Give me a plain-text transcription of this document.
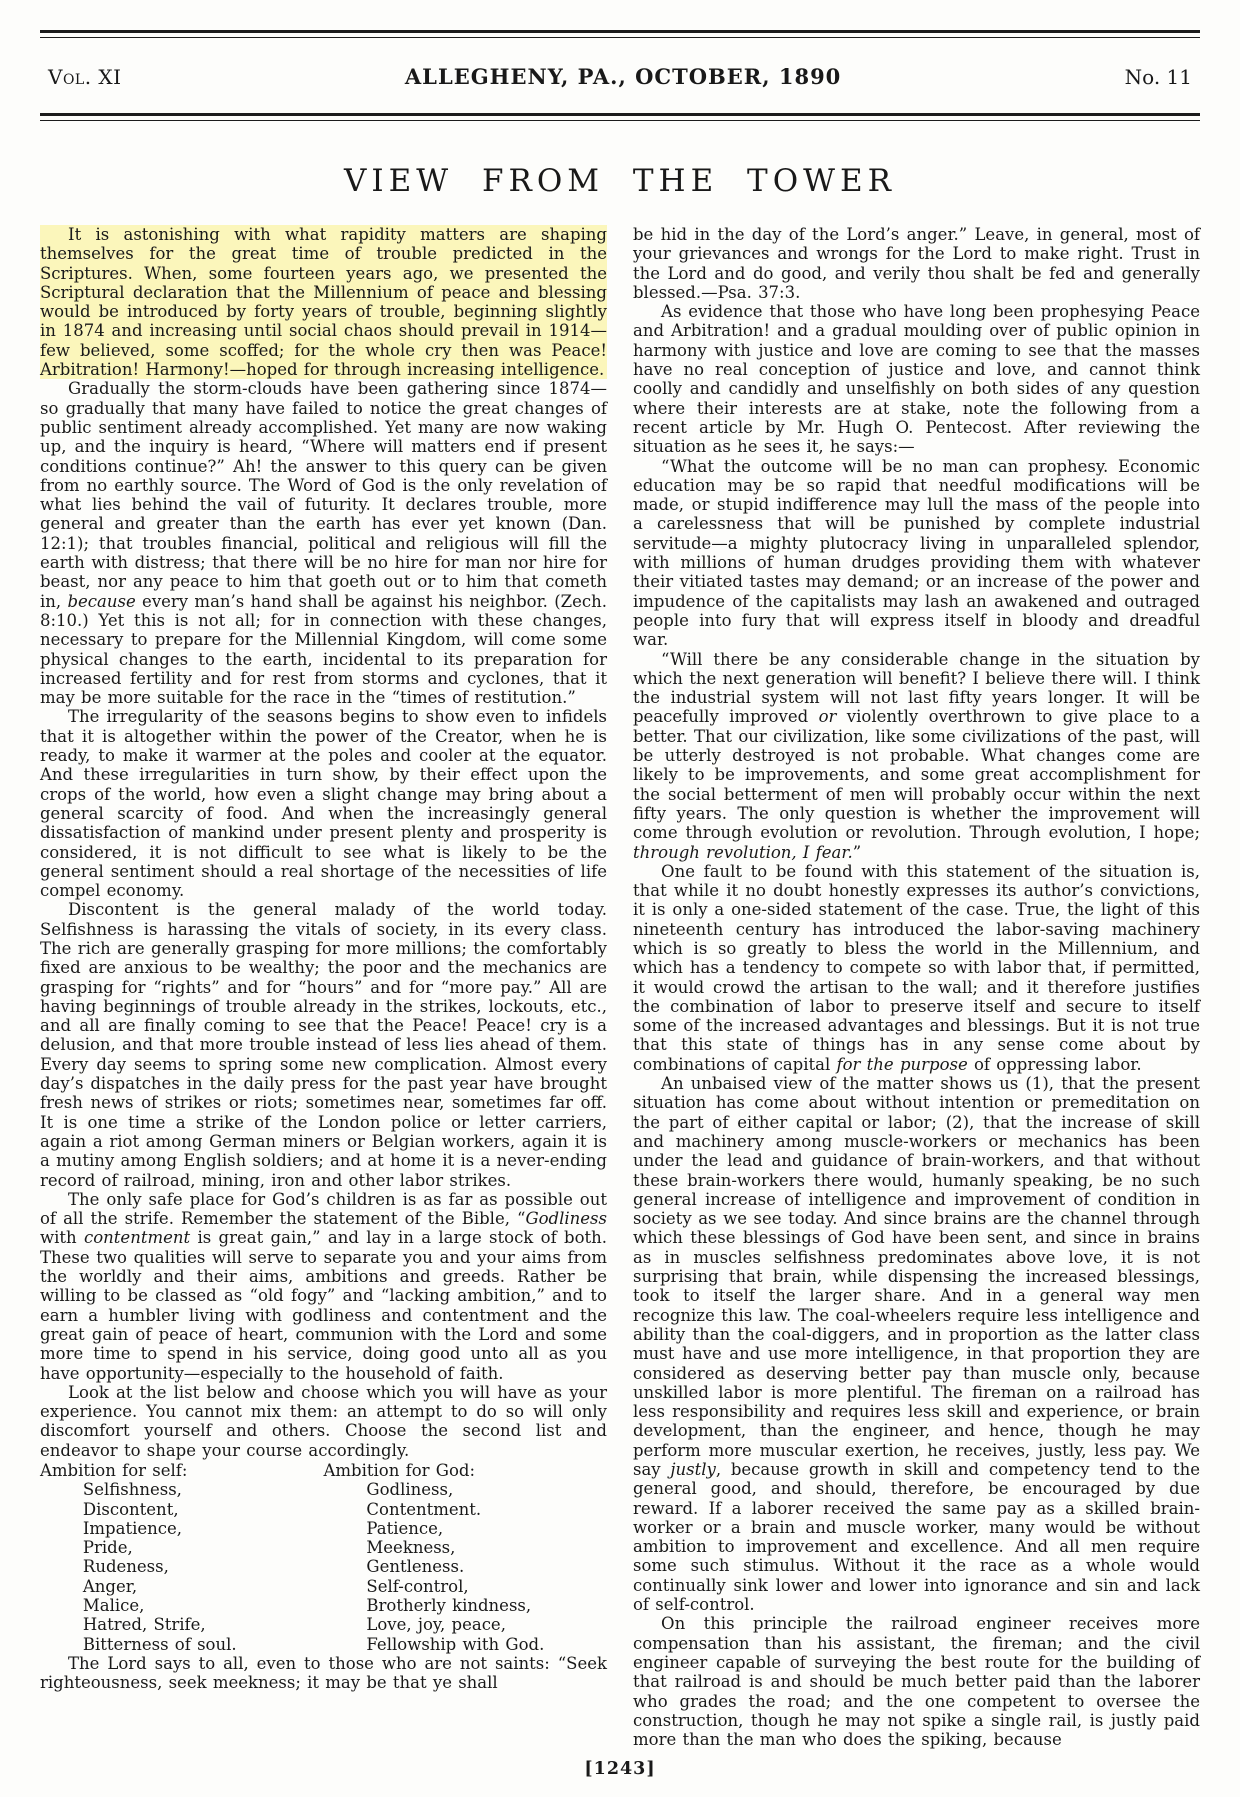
Vol. XI	ALLEGHENY, PA., OCTOBER, 1890	No. 11
VIEW FROM THE TOWER

It is astonishing with what rapidity matters are shaping themselves for the great time of trouble predicted in the Scriptures. When, some fourteen years ago, we presented the Scriptural declaration that the Millennium of peace and blessing would be introduced by forty years of trouble, beginning slightly in 1874 and increasing until social chaos should prevail in 1914—few believed, some scoffed; for the whole cry then was Peace! Arbitration! Harmony!—hoped for through increasing intelligence.

Gradually the storm-clouds have been gathering since 1874—so gradually that many have failed to notice the great changes of public sentiment already accomplished. Yet many are now waking up, and the inquiry is heard, “Where will matters end if present conditions continue?” Ah! the answer to this query can be given from no earthly source. The Word of God is the only revelation of what lies behind the vail of futurity. It declares trouble, more general and greater than the earth has ever yet known (Dan. 12:1); that troubles financial, political and religious will fill the earth with distress; that there will be no hire for man nor hire for beast, nor any peace to him that goeth out or to him that cometh in, because every man’s hand shall be against his neighbor. (Zech. 8:10.) Yet this is not all; for in connection with these changes, necessary to prepare for the Millennial Kingdom, will come some physical changes to the earth, incidental to its preparation for increased fertility and for rest from storms and cyclones, that it may be more suitable for the race in the “times of restitution.”

The irregularity of the seasons begins to show even to infidels that it is altogether within the power of the Creator, when he is ready, to make it warmer at the poles and cooler at the equator. And these irregularities in turn show, by their effect upon the crops of the world, how even a slight change may bring about a general scarcity of food. And when the increasingly general dissatisfaction of mankind under present plenty and prosperity is considered, it is not difficult to see what is likely to be the general sentiment should a real shortage of the necessities of life compel economy.

Discontent is the general malady of the world today. Selfishness is harassing the vitals of society, in its every class. The rich are generally grasping for more millions; the comfortably fixed are anxious to be wealthy; the poor and the mechanics are grasping for “rights” and for “hours” and for “more pay.” All are having beginnings of trouble already in the strikes, lockouts, etc., and all are finally coming to see that the Peace! Peace! cry is a delusion, and that more trouble instead of less lies ahead of them. Every day seems to spring some new complication. Almost every day’s dispatches in the daily press for the past year have brought fresh news of strikes or riots; sometimes near, sometimes far off. It is one time a strike of the London police or letter carriers, again a riot among German miners or Belgian workers, again it is a mutiny among English soldiers; and at home it is a never-ending record of railroad, mining, iron and other labor strikes.

The only safe place for God’s children is as far as possible out of all the strife. Remember the statement of the Bible, “Godliness with contentment is great gain,” and lay in a large stock of both. These two qualities will serve to separate you and your aims from the worldly and their aims, ambitions and greeds. Rather be willing to be classed as “old fogy” and “lacking ambition,” and to earn a humbler living with godliness and contentment and the great gain of peace of heart, communion with the Lord and some more time to spend in his service, doing good unto all as you have opportunity—especially to the household of faith.

Look at the list below and choose which you will have as your experience. You cannot mix them: an attempt to do so will only discomfort yourself and others. Choose the second list and endeavor to shape your course accordingly.

Ambition for self:

Selfishness,
Discontent,
Impatience,
Pride,
Rudeness,
Anger,
Malice,
Hatred, Strife,
Bitterness of soul.

Ambition for God:

Godliness,
Contentment.
Patience,
Meekness,
Gentleness.
Self-control,
Brotherly kindness,
Love, joy, peace,
Fellowship with God.

The Lord says to all, even to those who are not saints: “Seek righteousness, seek meekness; it may be that ye shall

be hid in the day of the Lord’s anger.” Leave, in general, most of your grievances and wrongs for the Lord to make right. Trust in the Lord and do good, and verily thou shalt be fed and generally blessed.—Psa. 37:3.

As evidence that those who have long been prophesying Peace and Arbitration! and a gradual moulding over of public opinion in harmony with justice and love are coming to see that the masses have no real conception of justice and love, and cannot think coolly and candidly and unselfishly on both sides of any question where their interests are at stake, note the following from a recent article by Mr. Hugh O. Pentecost. After reviewing the situation as he sees it, he says:—

“What the outcome will be no man can prophesy. Economic education may be so rapid that needful modifications will be made, or stupid indifference may lull the mass of the people into a carelessness that will be punished by complete industrial servitude—a mighty plutocracy living in unparalleled splendor, with millions of human drudges providing them with whatever their vitiated tastes may demand; or an increase of the power and impudence of the capitalists may lash an awakened and outraged people into fury that will express itself in bloody and dreadful war.

“Will there be any considerable change in the situation by which the next generation will benefit? I believe there will. I think the industrial system will not last fifty years longer. It will be peacefully improved or violently overthrown to give place to a better. That our civilization, like some civilizations of the past, will be utterly destroyed is not probable. What changes come are likely to be improvements, and some great accomplishment for the social betterment of men will probably occur within the next fifty years. The only question is whether the improvement will come through evolution or revolution. Through evolution, I hope; through revolution, I fear.”

One fault to be found with this statement of the situation is, that while it no doubt honestly expresses its author’s convictions, it is only a one-sided statement of the case. True, the light of this nineteenth century has introduced the labor-saving machinery which is so greatly to bless the world in the Millennium, and which has a tendency to compete so with labor that, if permitted, it would crowd the artisan to the wall; and it therefore justifies the combination of labor to preserve itself and secure to itself some of the increased advantages and blessings. But it is not true that this state of things has in any sense come about by combinations of capital for the purpose of oppressing labor.

An unbaised view of the matter shows us (1), that the present situation has come about without intention or premeditation on the part of either capital or labor; (2), that the increase of skill and machinery among muscle-workers or mechanics has been under the lead and guidance of brain-workers, and that without these brain-workers there would, humanly speaking, be no such general increase of intelligence and improvement of condition in society as we see today. And since brains are the channel through which these blessings of God have been sent, and since in brains as in muscles selfishness predominates above love, it is not surprising that brain, while dispensing the increased blessings, took to itself the larger share. And in a general way men recognize this law. The coal-wheelers require less intelligence and ability than the coal-diggers, and in proportion as the latter class must have and use more intelligence, in that proportion they are considered as deserving better pay than muscle only, because unskilled labor is more plentiful. The fireman on a railroad has less responsibility and requires less skill and experience, or brain development, than the engineer, and hence, though he may perform more muscular exertion, he receives, justly, less pay. We say justly, because growth in skill and competency tend to the general good, and should, therefore, be encouraged by due reward. If a laborer received the same pay as a skilled brain-worker or a brain and muscle worker, many would be without ambition to improvement and excellence. And all men require some such stimulus. Without it the race as a whole would continually sink lower and lower into ignorance and sin and lack of self-control.

On this principle the railroad engineer receives more compensation than his assistant, the fireman; and the civil engineer capable of surveying the best route for the building of that railroad is and should be much better paid than the laborer who grades the road; and the one competent to oversee the construction, though he may not spike a single rail, is justly paid more than the man who does the spiking, because

[1243]
